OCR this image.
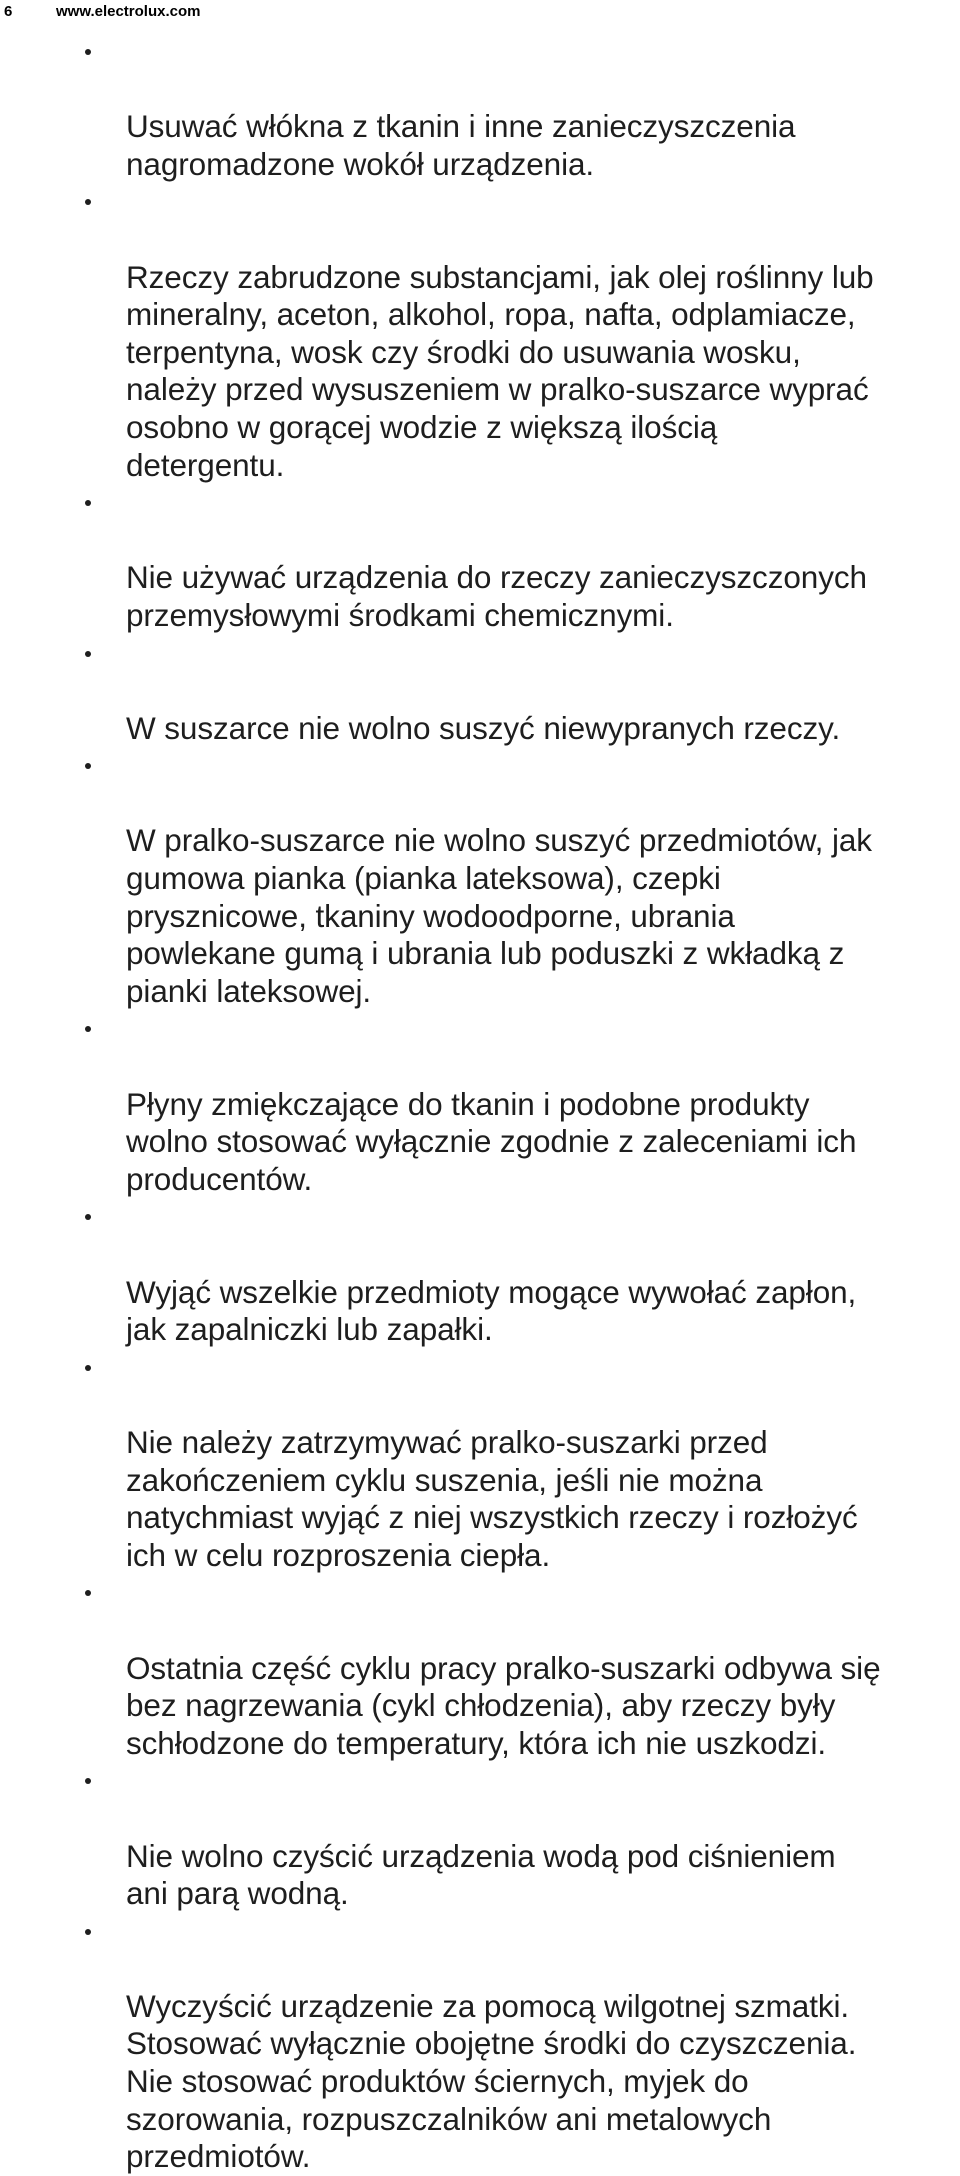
6	www.electrolux.com

Usuwać włókna z tkanin i inne zanieczyszczenia
nagromadzone wokół urządzenia.

Rzeczy zabrudzone substancjami, jak olej roślinny lub
mineralny, aceton, alkohol, ropa, nafta, odplamiacze,
terpentyna, wosk czy środki do usuwania wosku,
należy przed wysuszeniem w pralko-suszarce wyprać
osobno w gorącej wodzie z większą ilością
detergentu.

Nie używać urządzenia do rzeczy zanieczyszczonych
przemysłowymi środkami chemicznymi.

W suszarce nie wolno suszyć niewypranych rzeczy.

W pralko-suszarce nie wolno suszyć przedmiotów, jak
gumowa pianka (pianka lateksowa), czepki
prysznicowe, tkaniny wodoodporne, ubrania
powlekane gumą i ubrania lub poduszki z wkładką z
pianki lateksowej.

Płyny zmiękczające do tkanin i podobne produkty
wolno stosować wyłącznie zgodnie z zaleceniami ich
producentów.

Wyjąć wszelkie przedmioty mogące wywołać zapłon,
jak zapalniczki lub zapałki.

Nie należy zatrzymywać pralko-suszarki przed
zakończeniem cyklu suszenia, jeśli nie można
natychmiast wyjąć z niej wszystkich rzeczy i rozłożyć
ich w celu rozproszenia ciepła.

Ostatnia część cyklu pracy pralko-suszarki odbywa się
bez nagrzewania (cykl chłodzenia), aby rzeczy były
schłodzone do temperatury, która ich nie uszkodzi.

Nie wolno czyścić urządzenia wodą pod ciśnieniem
ani parą wodną.

Wyczyścić urządzenie za pomocą wilgotnej szmatki.
Stosować wyłącznie obojętne środki do czyszczenia.
Nie stosować produktów ściernych, myjek do
szorowania, rozpuszczalników ani metalowych
przedmiotów.
